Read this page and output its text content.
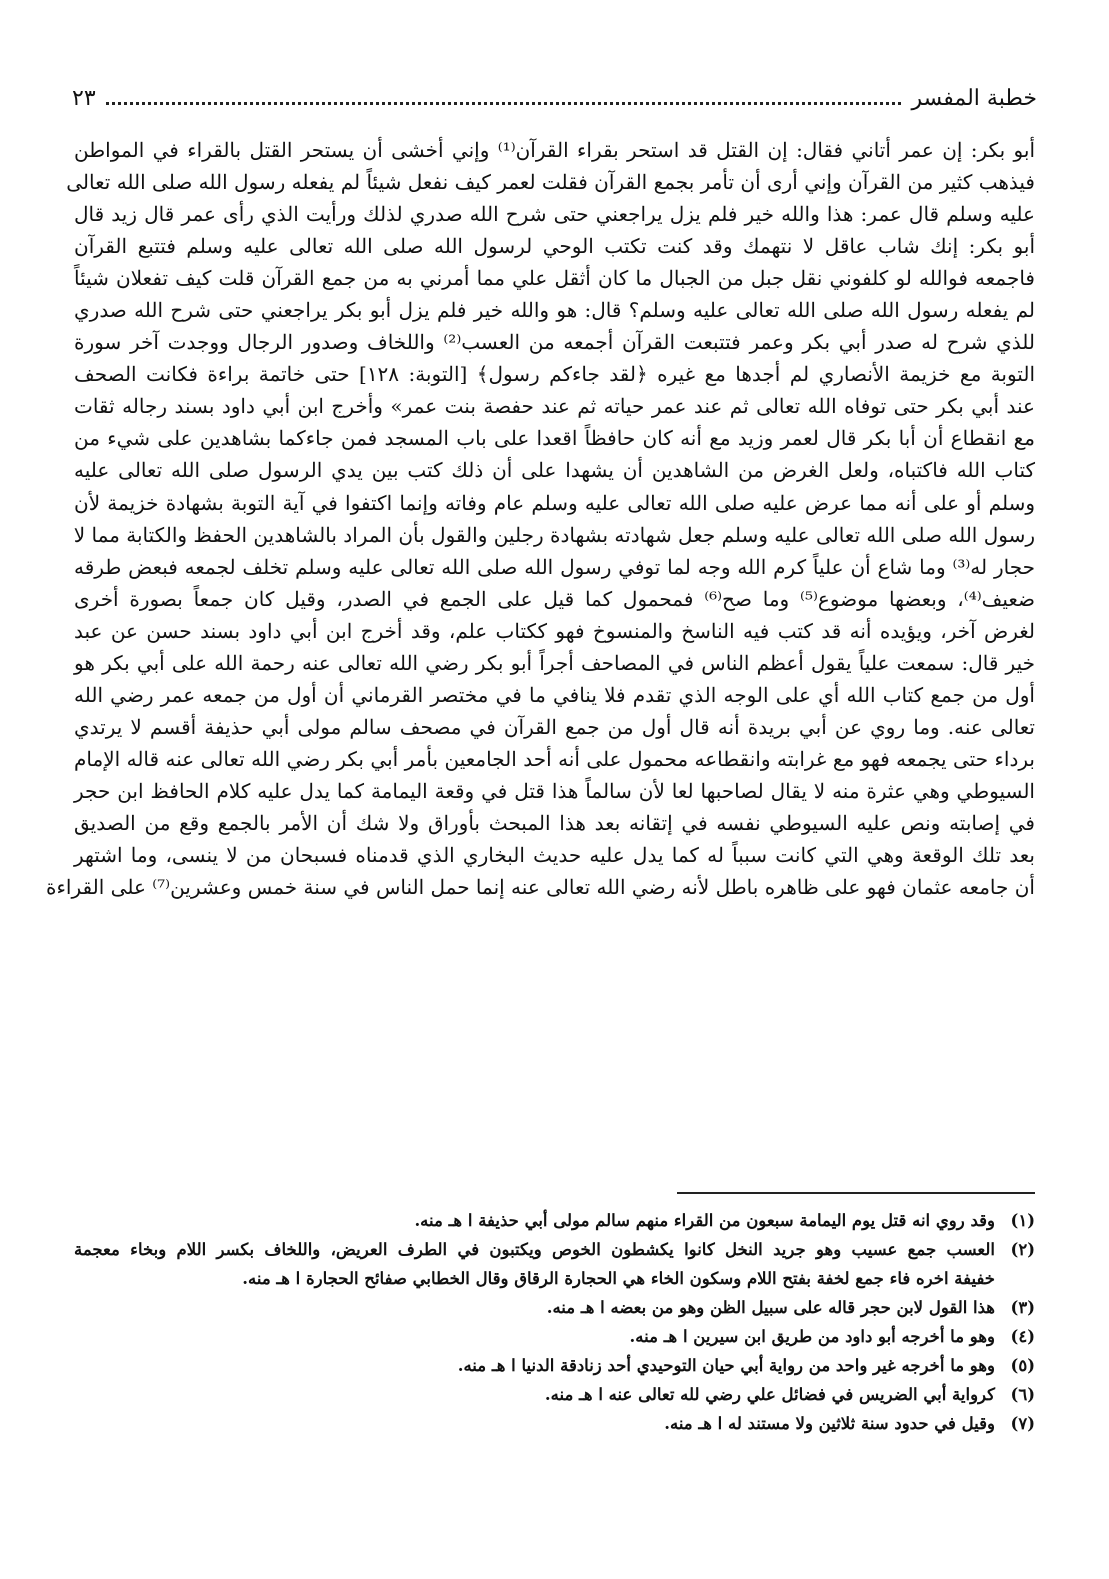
خطبة المفسر
٢٣
أبو بكر: إن عمر أتاني فقال: إن القتل قد استحر بقراء القرآن⁽¹⁾ وإني أخشى أن يستحر القتل بالقراء في المواطن
فيذهب كثير من القرآن وإني أرى أن تأمر بجمع القرآن فقلت لعمر كيف نفعل شيئاً لم يفعله رسول الله صلى الله تعالى
عليه وسلم قال عمر: هذا والله خير فلم يزل يراجعني حتى شرح الله صدري لذلك ورأيت الذي رأى عمر قال زيد قال
أبو بكر: إنك شاب عاقل لا نتهمك وقد كنت تكتب الوحي لرسول الله صلى الله تعالى عليه وسلم فتتبع القرآن
فاجمعه فوالله لو كلفوني نقل جبل من الجبال ما كان أثقل علي مما أمرني به من جمع القرآن قلت كيف تفعلان شيئاً
لم يفعله رسول الله صلى الله تعالى عليه وسلم؟ قال: هو والله خير فلم يزل أبو بكر يراجعني حتى شرح الله صدري
للذي شرح له صدر أبي بكر وعمر فتتبعت القرآن أجمعه من العسب⁽²⁾ واللخاف وصدور الرجال ووجدت آخر سورة
التوبة مع خزيمة الأنصاري لم أجدها مع غيره ﴿لقد جاءكم رسول﴾ [التوبة: ١٢٨] حتى خاتمة براءة فكانت الصحف
عند أبي بكر حتى توفاه الله تعالى ثم عند عمر حياته ثم عند حفصة بنت عمر» وأخرج ابن أبي داود بسند رجاله ثقات
مع انقطاع أن أبا بكر قال لعمر وزيد مع أنه كان حافظاً اقعدا على باب المسجد فمن جاءكما بشاهدين على شيء من
كتاب الله فاكتباه، ولعل الغرض من الشاهدين أن يشهدا على أن ذلك كتب بين يدي الرسول صلى الله تعالى عليه
وسلم أو على أنه مما عرض عليه صلى الله تعالى عليه وسلم عام وفاته وإنما اكتفوا في آية التوبة بشهادة خزيمة لأن
رسول الله صلى الله تعالى عليه وسلم جعل شهادته بشهادة رجلين والقول بأن المراد بالشاهدين الحفظ والكتابة مما لا
حجار له⁽³⁾ وما شاع أن علياً كرم الله وجه لما توفي رسول الله صلى الله تعالى عليه وسلم تخلف لجمعه فبعض طرقه
ضعيف⁽⁴⁾، وبعضها موضوع⁽⁵⁾ وما صح⁽⁶⁾ فمحمول كما قيل على الجمع في الصدر، وقيل كان جمعاً بصورة أخرى
لغرض آخر، ويؤيده أنه قد كتب فيه الناسخ والمنسوخ فهو ككتاب علم، وقد أخرج ابن أبي داود بسند حسن عن عبد
خير قال: سمعت علياً يقول أعظم الناس في المصاحف أجراً أبو بكر رضي الله تعالى عنه رحمة الله على أبي بكر هو
أول من جمع كتاب الله أي على الوجه الذي تقدم فلا ينافي ما في مختصر القرماني أن أول من جمعه عمر رضي الله
تعالى عنه. وما روي عن أبي بريدة أنه قال أول من جمع القرآن في مصحف سالم مولى أبي حذيفة أقسم لا يرتدي
برداء حتى يجمعه فهو مع غرابته وانقطاعه محمول على أنه أحد الجامعين بأمر أبي بكر رضي الله تعالى عنه قاله الإمام
السيوطي وهي عثرة منه لا يقال لصاحبها لعا لأن سالماً هذا قتل في وقعة اليمامة كما يدل عليه كلام الحافظ ابن حجر
في إصابته ونص عليه السيوطي نفسه في إتقانه بعد هذا المبحث بأوراق ولا شك أن الأمر بالجمع وقع من الصديق
بعد تلك الوقعة وهي التي كانت سبباً له كما يدل عليه حديث البخاري الذي قدمناه فسبحان من لا ينسى، وما اشتهر
أن جامعه عثمان فهو على ظاهره باطل لأنه رضي الله تعالى عنه إنما حمل الناس في سنة خمس وعشرين⁽⁷⁾ على القراءة
(١)
وقد روي انه قتل يوم اليمامة سبعون من القراء منهم سالم مولى أبي حذيفة ا هـ منه.
(٢)
العسب جمع عسيب وهو جريد النخل كانوا يكشطون الخوص ويكتبون في الطرف العريض، واللخاف بكسر اللام وبخاء معجمة
خفيفة اخره فاء جمع لخفة بفتح اللام وسكون الخاء هي الحجارة الرقاق وقال الخطابي صفائح الحجارة ا هـ منه.
(٣)
هذا القول لابن حجر قاله على سبيل الظن وهو من بعضه ا هـ منه.
(٤)
وهو ما أخرجه أبو داود من طريق ابن سيرين ا هـ منه.
(٥)
وهو ما أخرجه غير واحد من رواية أبي حيان التوحيدي أحد زنادقة الدنيا ا هـ منه.
(٦)
كرواية أبي الضريس في فضائل علي رضي لله تعالى عنه ا هـ منه.
(٧)
وقيل في حدود سنة ثلاثين ولا مستند له ا هـ منه.
